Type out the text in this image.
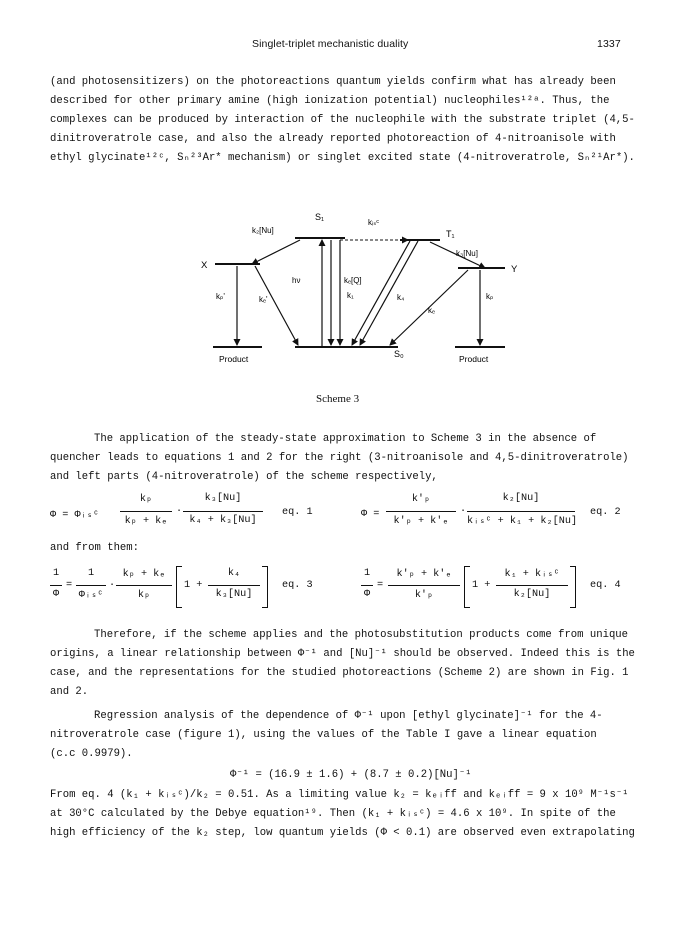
Singlet-triplet mechanistic duality	1337
(and photosensitizers) on the photoreactions quantum yields confirm what has already been
described for other primary amine (high ionization potential) nucleophiles¹²ᵃ. Thus, the
complexes can be produced by interaction of the nucleophile with the substrate triplet (4,5-
dinitroveratrole case, and also the already reported photoreaction of 4-nitroanisole with
ethyl glycinate¹²ᶜ, Sₙ²³Ar* mechanism) or singlet excited state (4-nitroveratrole, Sₙ²¹Ar*).
S₁
T₁
S₀
X	Y
k₂[Nu]
kᵢₛᶜ
k₃[Nu]
hν	kₑ[Q]
k₁	k₄
kₑ
kₚ
kₚ'	kₑ'
Product	Product
Scheme 3
The application of the steady-state approximation to Scheme 3 in the absence of
quencher leads to equations 1 and 2 for the right (3-nitroanisole and 4,5-dinitroveratrole)
and left parts (4-nitroveratrole) of the scheme respectively,
Φ = Φᵢₛᶜ
kₚ
kₚ + kₑ
·
k₃[Nu]
k₄ + k₃[Nu]
eq. 1	Φ =
k'ₚ
k'ₚ + k'ₑ
·
k₂[Nu]
kᵢₛᶜ + k₁ + k₂[Nu]
eq. 2
and from them:
1
Φ
=
1
Φᵢₛᶜ
·
kₚ + kₑ
kₚ
1 +
k₄
k₃[Nu]
eq. 3
1
Φ
=
k'ₚ + k'ₑ
k'ₚ
1 +
k₁ + kᵢₛᶜ
k₂[Nu]
eq. 4
Therefore, if the scheme applies and the photosubstitution products come from unique
origins, a linear relationship between Φ⁻¹ and [Nu]⁻¹ should be observed. Indeed this is the
case, and the representations for the studied photoreactions (Scheme 2) are shown in Fig. 1
and 2.
Regression analysis of the dependence of Φ⁻¹ upon [ethyl glycinate]⁻¹ for the 4-
nitroveratrole case (figure 1), using the values of the Table I gave a linear equation
(c.c 0.9979).
Φ⁻¹ = (16.9 ± 1.6) + (8.7 ± 0.2)[Nu]⁻¹
From eq. 4 (k₁ + kᵢₛᶜ)/k₂ = 0.51. As a limiting value k₂ = kₑᵢff and kₑᵢff = 9 x 10⁹ M⁻¹s⁻¹
at 30°C calculated by the Debye equation¹⁹. Then (k₁ + kᵢₛᶜ) = 4.6 x 10⁹. In spite of the
high efficiency of the k₂ step, low quantum yields (Φ < 0.1) are observed even extrapolating
